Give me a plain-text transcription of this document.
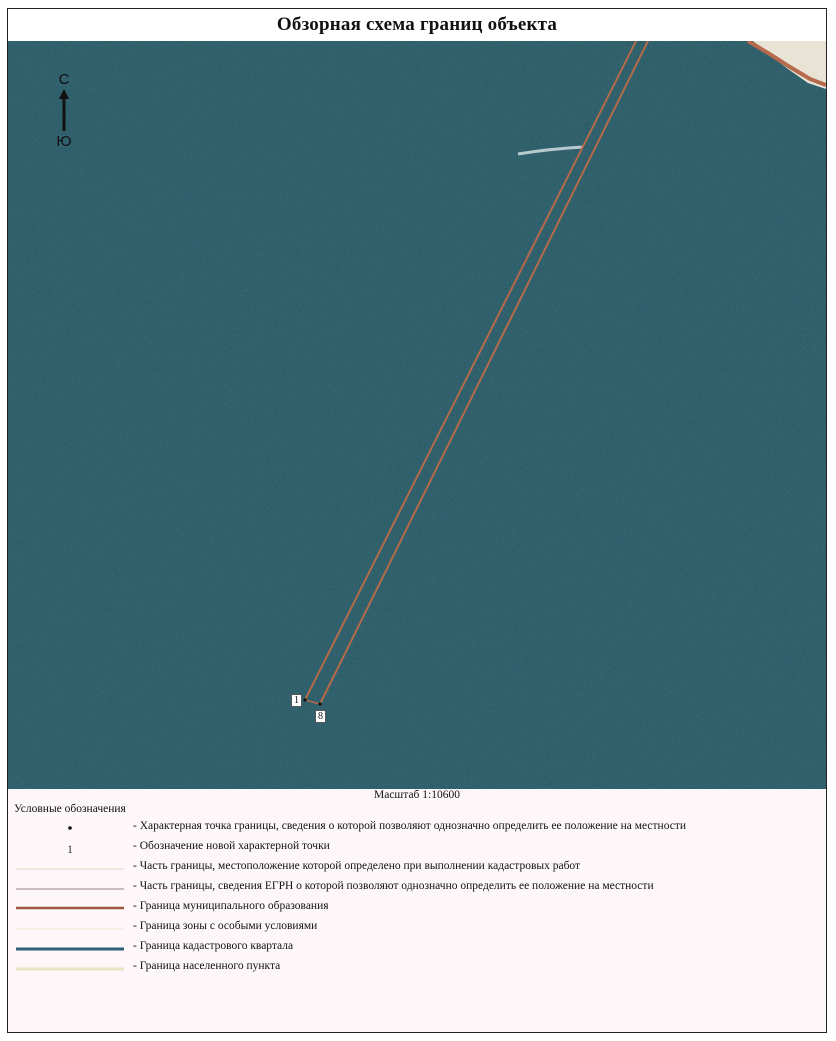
Обзорная схема границ объекта
С
Ю
1
8
Масштаб 1:10600
Условные обозначения
- Характерная точка границы, сведения о которой позволяют однозначно определить ее положение на местности
1	- Обозначение новой характерной точки
- Часть границы, местоположение которой определено при выполнении кадастровых работ
- Часть границы, сведения ЕГРН о которой позволяют однозначно определить ее положение на местности
- Граница муниципального образования
- Граница зоны с особыми условиями
- Граница кадастрового квартала
- Граница населенного пункта
